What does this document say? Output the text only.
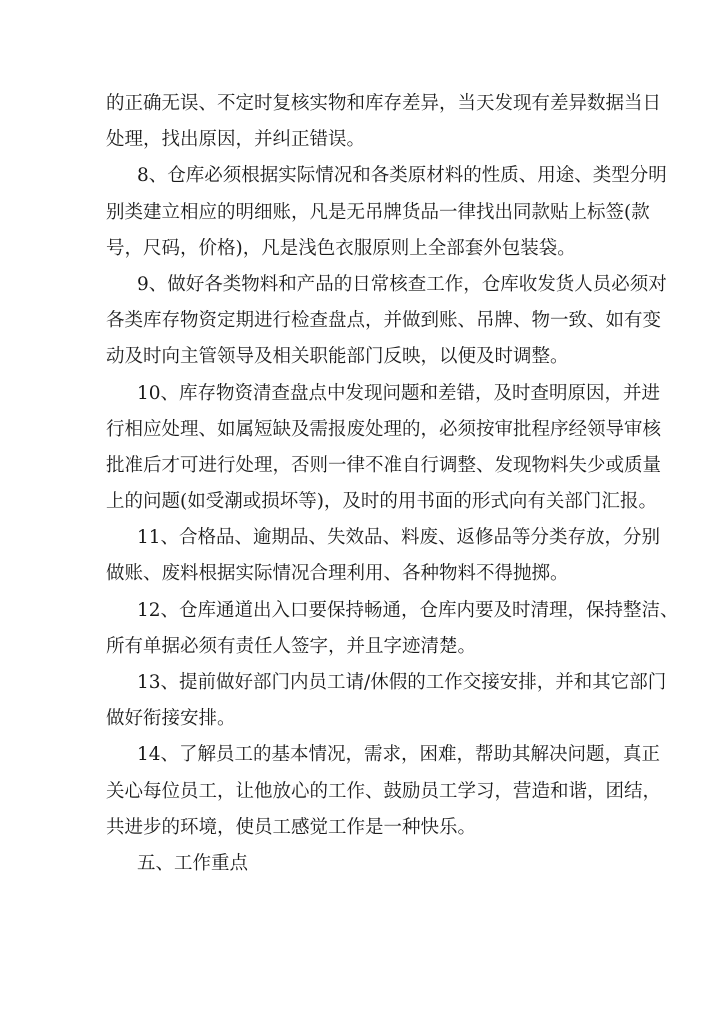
的正确无误、不定时复核实物和库存差异，当天发现有差异数据当日
处理，找出原因，并纠正错误。
8、仓库必须根据实际情况和各类原材料的性质、用途、类型分明
别类建立相应的明细账，凡是无吊牌货品一律找出同款贴上标签(款
号，尺码，价格)，凡是浅色衣服原则上全部套外包装袋。
9、做好各类物料和产品的日常核查工作，仓库收发货人员必须对
各类库存物资定期进行检查盘点，并做到账、吊牌、物一致、如有变
动及时向主管领导及相关职能部门反映，以便及时调整。
10、库存物资清查盘点中发现问题和差错，及时查明原因，并进
行相应处理、如属短缺及需报废处理的，必须按审批程序经领导审核
批准后才可进行处理，否则一律不准自行调整、发现物料失少或质量
上的问题(如受潮或损坏等)，及时的用书面的形式向有关部门汇报。
11、合格品、逾期品、失效品、料废、返修品等分类存放，分别
做账、废料根据实际情况合理利用、各种物料不得抛掷。
12、仓库通道出入口要保持畅通，仓库内要及时清理，保持整洁、
所有单据必须有责任人签字，并且字迹清楚。
13、提前做好部门内员工请/休假的工作交接安排，并和其它部门
做好衔接安排。
14、了解员工的基本情况，需求，困难，帮助其解决问题，真正
关心每位员工，让他放心的工作、鼓励员工学习，营造和谐，团结，
共进步的环境，使员工感觉工作是一种快乐。
五、工作重点
